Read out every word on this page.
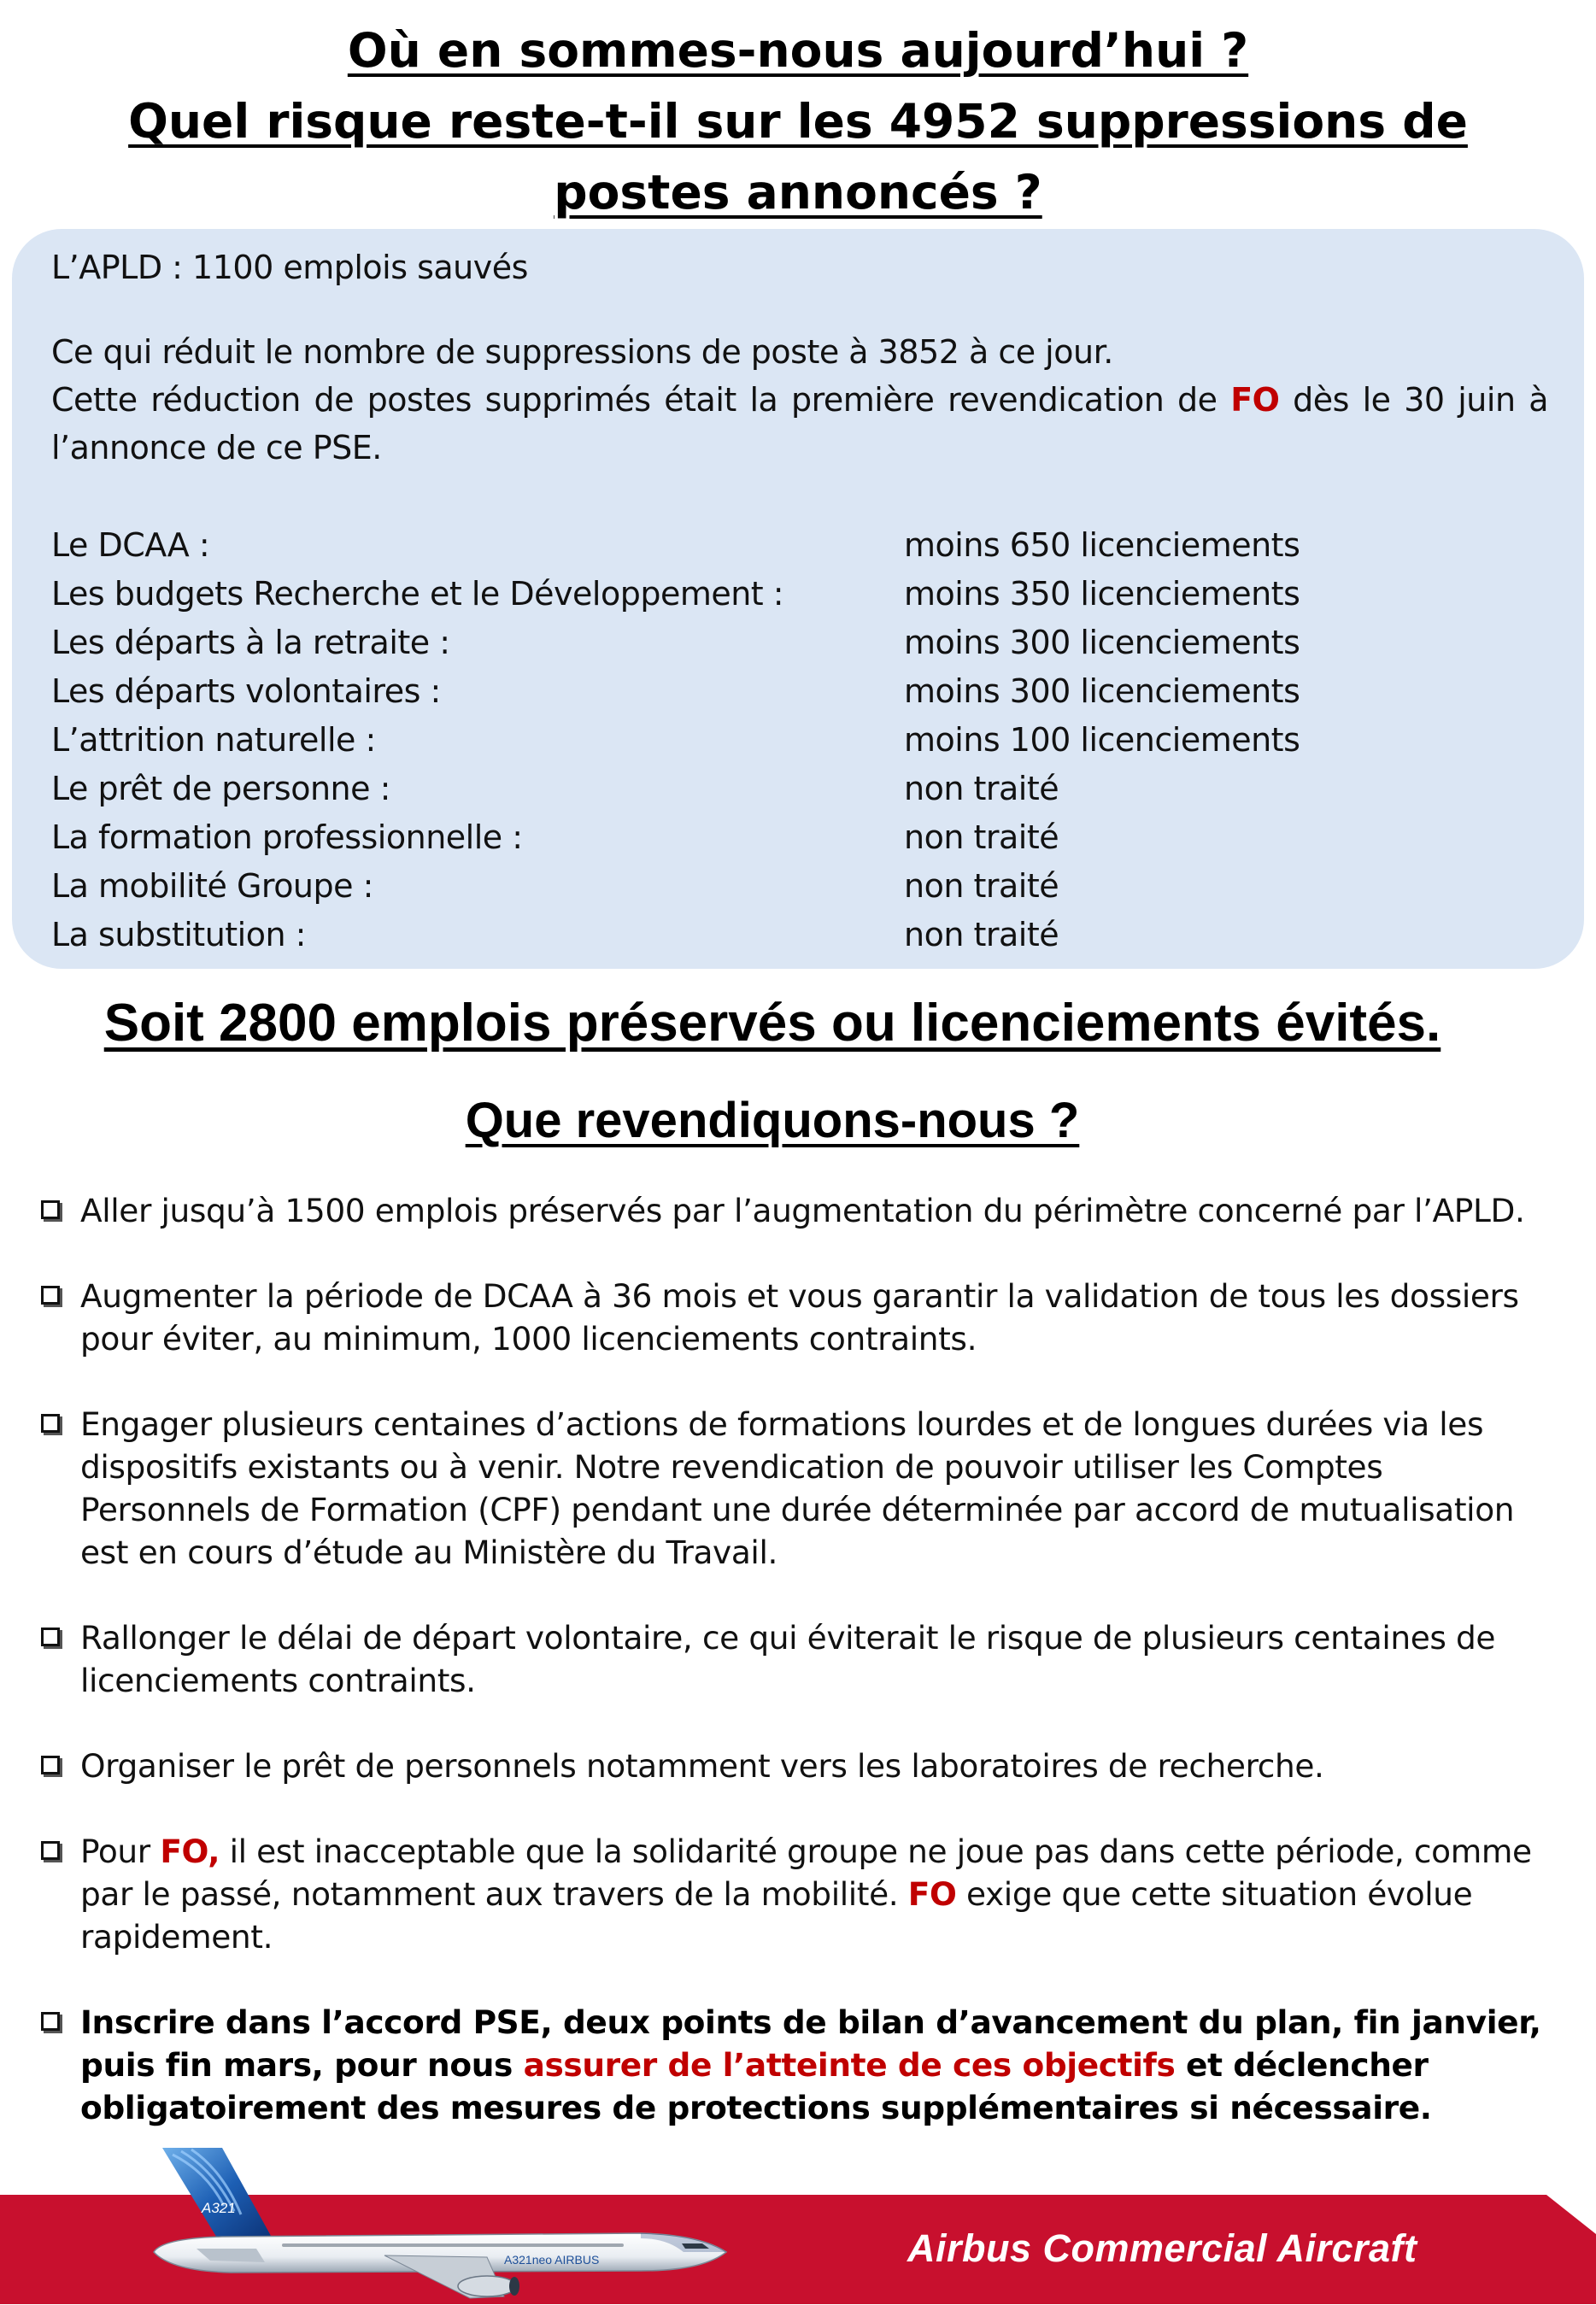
Où en sommes-nous aujourd’hui ?
Quel risque reste-t-il sur les 4952 suppressions de
postes annoncés ?
L’APLD : 1100 emplois sauvés

Ce qui réduit le nombre de suppressions de poste à 3852 à ce jour.

Cette réduction de postes supprimés était la première revendication de FO dès le 30 juin à l’annonce de ce PSE.

Le DCAA :	moins 650 licenciements
Les budgets Recherche et le Développement :	moins 350 licenciements
Les départs à la retraite :	moins 300 licenciements
Les départs volontaires :	moins 300 licenciements
L’attrition naturelle :	moins 100 licenciements
Le prêt de personne :	non traité
La formation professionnelle :	non traité
La mobilité Groupe :	non traité
La substitution :	non traité
Soit 2800 emplois préservés ou licenciements évités.
Que revendiquons-nous ?
Aller jusqu’à 1500 emplois préservés par l’augmentation du périmètre concerné par l’APLD.
Augmenter la période de DCAA à 36 mois et vous garantir la validation de tous les dossiers
pour éviter, au minimum, 1000 licenciements contraints.
Engager plusieurs centaines d’actions de formations lourdes et de longues durées via les
dispositifs existants ou à venir. Notre revendication de pouvoir utiliser les Comptes
Personnels de Formation (CPF) pendant une durée déterminée par accord de mutualisation
est en cours d’étude au Ministère du Travail.
Rallonger le délai de départ volontaire, ce qui éviterait le risque de plusieurs centaines de
licenciements contraints.
Organiser le prêt de personnels notamment vers les laboratoires de recherche.
Pour FO, il est inacceptable que la solidarité groupe ne joue pas dans cette période, comme
par le passé, notamment aux travers de la mobilité. FO exige que cette situation évolue
rapidement.
Inscrire dans l’accord PSE, deux points de bilan d’avancement du plan, fin janvier,
puis fin mars, pour nous assurer de l’atteinte de ces objectifs et déclencher
obligatoirement des mesures de protections supplémentaires si nécessaire.
A321
A321neo AIRBUS	Airbus Commercial Aircraft
